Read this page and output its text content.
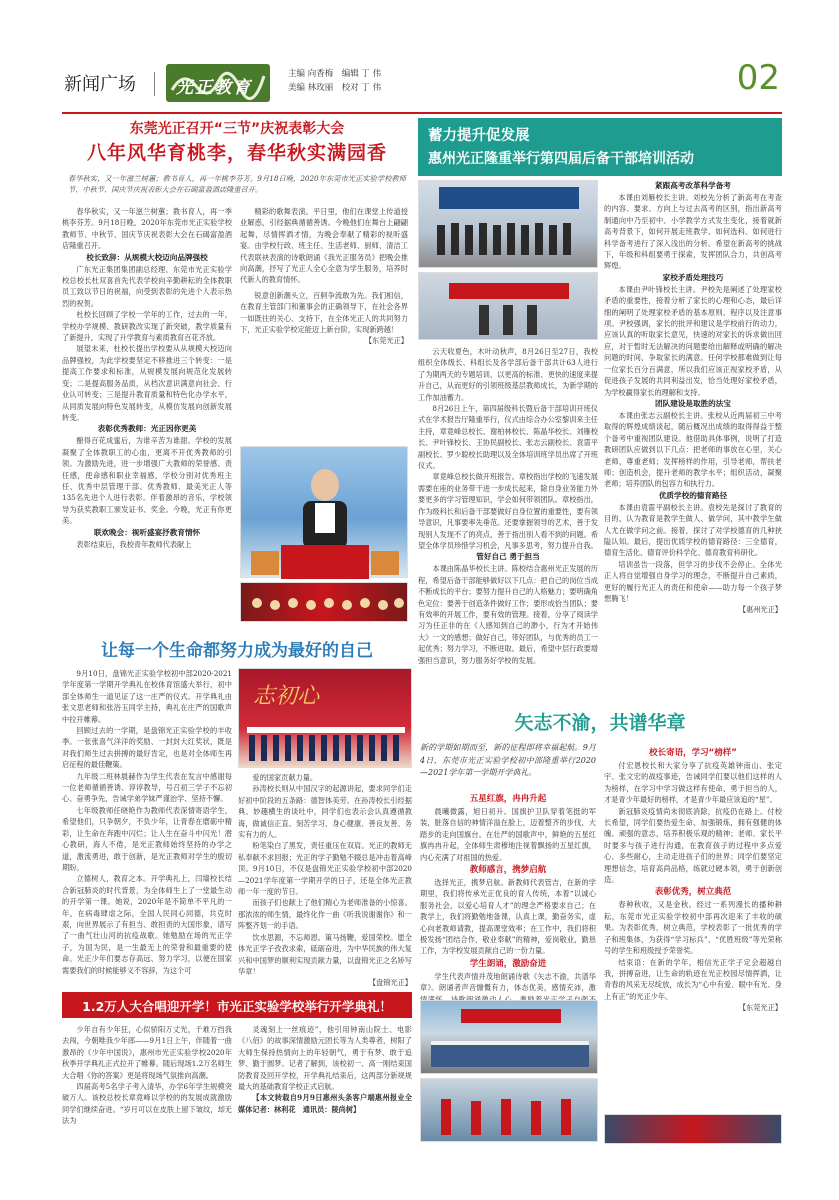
新闻广场 光正教育
主编 向香梅　编辑 丁 伟
美编 林玫丽　校对 丁 伟	02
东莞光正召开“三节”庆祝表彰大会
八年风华育桃李，春华秋实满园香
春华秋实，又一年滋兰树蕙；教书育人，再一年桃李芬芳。9月18日晚，2020年东莞市光正实验学校教师节、中秋节、国庆节庆祝表彰大会在石碣富盈酒店隆重召开。

春华秋实，又一年滋兰树蕙；教书育人，再一季桃李芬芳。9月18日晚，2020年东莞市光正实验学校教师节、中秋节、国庆节庆祝表彰大会在石碣富盈酒店隆重召开。

校长致辞：从规模大校迈向品牌强校

广东光正集团集团副总经理、东莞市光正实验学校总校长杜双喜首先代表学校向辛勤耕耘的全体教职员工致以节日的祝福，向受到表彰的先进个人表示热烈的祝贺。

杜校长回顾了学校一学年的工作，过去的一年，学校办学规模、教研教改实现了新突破，教学质量有了新提升，实现了升学教育与素质教育百花齐放。

展望未来，杜校长提出学校要从从规模大校迈向品牌强校，为此学校要坚定不移推进三个转变：一是提高工作要求和标准，从规模发展向规范化发展转变；二是提高服务品质，从档次意识满意向社会、行业认可转变；三是提升教育质量和特色化办学水平，从同质发展向特色发展转变，从模仿发展向创新发展转变。

表彰优秀教师：光正因你更美

酿得百花成蜜后，为谁辛苦为谁甜。学校的发展凝聚了全体教职工的心血，更离不开优秀教师的引领。为激励先进，进一步增强广大教师的荣誉感、责任感，使命感和职业幸福感，学校分别对优秀班主任、优秀中层管理干部、优秀教师、最美光正人等135名先进个人进行表彰。伴着激昂的音乐，学校领导为获奖教职工颁发证书、奖金。今晚，光正有你更美。

联欢晚会：视听盛宴抒教育情怀

表彰结束后，我校青年教师代表献上

精彩的歌舞表演。平日里，他们在课堂上传道授业解惑，引经据典循循善诱。今晚他们在舞台上翩翩起舞，尽情挥洒才情，为晚会奉献了精彩的视听盛宴。由学校行政、班主任、生活老师、厨师、清洁工代表联袂表演的诗歌朗诵《我光正服务员》把晚会推向高潮，抒写了光正人全心全意为学生服务，培养时代新人的教育情怀。

锐意创新潮头立，百舸争流敢为先。我们相信，在教育主管部门和董事会的正确领导下，在社会各界一如既往的关心、支持下，在全体光正人的共同努力下，光正实验学校定能迈上新台阶，实现新跨越！

【东莞光正】
蓄力提升促发展
惠州光正隆重举行第四届后备干部培训活动

云天收夏色，木叶动秋声，8月26日至27日，我校组织全体级长、科组长及各学部后备干部共计63人进行了为期两天的专题培训，以更高的标准、更快的速度来提升自己，从而更好的引领班级基层教师成长，为新学期的工作加油蓄力。

8月26日上午，第四届级科长暨后备干部培训开班仪式在学术报告厅隆重举行，仪式由综合办公室黎训来主任主持，章竟峰总校长、谢柏林校长、陈晶华校长、刘雁校长、尹叶锋校长、王协民副校长、张志云副校长、袁䨓平副校长、罗少聪校长助理以及全体培训班学员出席了开班仪式。

章竟峰总校长做开班报告。章校指出学校的飞速发展需要在座的业务带干进一步成长起来，除自身业务能力外要更多的学习管理知识，学会如何带领团队。章校指出，作为级科长和后备干部要做好自身位置的重要性，要有领导意识，凡事要率先垂范。还要掌握领导的艺术，善于发现别人发现不了的亮点，善于指出别人看不到的问题。希望全体学员珍惜学习机会，凡事多思考，努力提升自我。

管好自己 勇于担当

本课由陈晶华校长主讲。陈校结合惠州光正发展的历程，希望后备干部能够做好以下几点：把自己的岗位当成不断成长的平台；要努力提升自己的人格魅力；要明确角色定位：要善于创造条件做好工作；要形成恰当团队；要有效率的开展工作，要有效的管理。接着，分享了阅读学习为任正非的在《人感知到自己的渺小，行为才开始伟大》一文的感想；做好自己，带好团队，与优秀的员工一起优秀；努力学习，不断进取。最后，希望中层行政要增强担当意识，努力服务好学校的发展。

紧跟高考改革科学备考

本课由刘雁校长主讲。刘校先分析了新高考在考查的内容、要求、方向上与过去高考的区别，指出新高考制通向中乃至初中、小学教学方式发生变化，接着就新高考背景下，如何开展走班教学、如何选科、如何进行科学备考进行了深入浅出的分析。希望在新高考的挑战下，年级和科组要勇于探索，发挥团队合力，共创高考辉煌。

家校矛盾处理技巧

本课由尹叶锋校长主讲。尹校先是阐述了处理家校矛盾的重要性，接着分析了家长的心理和心态，最后详细的阐明了处理家校矛盾的基本原则、程序以及注意事项。尹校强调，家长的批评和建议是学校前行的动力，应该认真的听取家长意见，快速的对家长的诉求做出回应，对于暂时无法解决的问题要给出解释或明确的解决问题的时间，争取家长的满意。任何学校都难做到让每一位家长百分百满意，所以我们应该正视家校矛盾，从促进孩子发展的共同利益出发，恰当处理好家校矛盾，为学校赢得家长的理解和支持。

团队建设是取胜的法宝

本课由张志云副校长主讲。张校从近两届初三中考取得的辉煌成绩谈起，随后概况出成绩的取得得益于整个备考中重视团队建设。他借助具体事例，说明了打造教研团队应做到以下几点：把老师的事放在心里，关心老师，尊重老师；发挥榜样的作用，引导老师，帮扶老师；创造机会，提升老师的教学水平；组织活动，凝聚老师；培养团队的包容力和执行力。

优质学校的德育路径

本课由袁䨓平副校长主讲。袁校先是探讨了教育的目的，认为教育是教学生做人、做学问，其中教学生做人尤在做学问之前。接着，探讨了对学校德育的几种狭隘认知。最后，提出优质学校的德育路径：三全德育，德育生活化、德育评价科学化、德育教育科研化。

培训虽告一段落，但学习的步伐不会停止。全体光正人将自觉增强自身学习的理念，不断提升自己素质，更好的履行光正人的责任和使命——助力每一个孩子梦想腾飞！

【惠州光正】
让每一个生命都努力成为最好的自己
志初心

9月10日，盘锦光正实验学校初中部2020-2021学年度第一学期开学典礼在校体育馆盛大举行，初中部全体师生一道见证了这一庄严的仪式。开学典礼由张文思老师和张浴玉同学主持，典礼在庄严的国歌声中拉开帷幕。

回顾过去的一学期，是盘锦光正实验学校的丰收季。一张张喜气洋洋的奖励、一封封大红奖状，既是对我们师生过去拼搏的最好肯定，也是对全体师生再启征程的最佳鞭策。

九年级二班林晨赫作为学生代表在发言中感谢每一位老师循循善诱、谆谆教导，号召初三学子不忘初心、奋勇争先，告诫学弟学妹严谨治学、坚持不懈。

七年级教师任晓艳作为教师代表深情寄语学生，希望他们，只争朝夕，不负少年，让青春在磨砺中精彩，让生命在奔跑中闪烂；让人生在奋斗中闪光！潜心教研，海人不倦，是光正教师始终坚持的办学之道，激流勇进，敢于创新，是光正教师对学生的殷切期盼。

立德树人，教育之本。开学典礼上，闫墙校长结合新冠肺炎的时代背景，为全体师生上了一堂最生动的开学第一课。她说，2020年是不简单不平凡的一年，在病毒肆虐之际，全国人民同心同德，共克时艰，向世界展示了有担当、敢担责的大国形象，谱写了一曲气壮山河的抗疫战歌。她勉励在场的光正学子，为国为民，是一生最无上的荣誉和最重要的使命。光正少年们要志存高远、努力学习，以便在国家需要我们的时候能够义不容辞，为这个可

爱的国家贡献力量。

孙涛校长则从中国汉字的起源讲起，要求同学们走好初中阶段的五条路：德智体美劳。在孙涛校长引经据典、妙趣横生的谈吐中，同学们也表示会认真遵循教诲，做诚信正直、刻苦学习、身心健康、善良友善、务实有力的人。

粉笔染白了黑发，责任重压在双肩。光正的教师无私奉献不求回报；光正的学子勤勉不辍总是冲击着高峰顶。9月10日，不仅是盘锦光正实验学校初中部2020—2021学年度第一学期开学的日子，还是全体光正教师一年一度的节日。

而孩子们也献上了他们精心为老师准备的小惊喜。那浓浓的师生情，最终化作一曲《听我说谢谢你》和一阵整齐划一的手语。

饮水思源，不忘师恩。策马扬鞭，爱国荣校。愿全体光正学子孜孜求索，砥砺奋进，为中华民族的伟大复兴和中国梦的顺利实现贡献力量，以盘锦光正之名矫写华章！

【盘锦光正】
1.2万人大合唱迎开学！市光正实验学校举行开学典礼！

少年自有少年狂，心似骄阳万丈光，千难万挡我去闯，今朝唯我少年郎——9月1日上午，伴随着一曲激昂的《少年中国说》，惠州市光正实验学校2020年秋季开学典礼正式拉开了帷幕。随后现场1.2万名师生大合唱《你的答案》更是将现场气氛推向高潮。

四届高考5名学子考入清华，办学6年学生规模突破万人。该校总校长章竟峰以学校的的发展成就激励同学们继续奋进。“岁月可以在皮肤上留下皱纹，却无法为

灵魂刻上一丝痕迹”，他引用钟南山院士、电影《八佰》的故事深情激励元团长等为人类尊者，树阳了大师生保持热情向上的年轻朝气，勇于有梦、敢于追梦、勤于圆梦。记者了解到，该校初一、高一刚结束国防教育及回开学校，开学典礼结束后，这两部分新规规最大的基础教育学校正式启航。

【本文转载自9月9日惠州头条客户端惠州报业全媒体记者：林利花　通讯员：陵尚树】

矢志不渝，共谱华章
新的学期如期而至，新的征程即将幸福起航。9月4日，东莞市光正实验学校初中部隆重举行2020—2021学年第一学期开学典礼。
五星红旗，冉冉升起

晨曦微露，旭日初升。国旗护卫队穿着笔挺的军装，脏落自信的神情洋溢在脸上，迈着整齐的步伐，大踏步的走向国旗台。在壮严的国歌声中，鲜艳的五星红旗冉冉升起，全体师生肃穆地注视着飘扬的五星红旗，内心充满了对祖国的热爱。

教师感言，携梦启航

选择光正，携梦启航。新教师代表管吉，在新的学期里，我们将传承光正优良的育人传统，本着“以诚心服务社会，以爱心培育人才”的理念严格要求自己；在教学上，我们将勤勉地备课，认真上课，勤奋务实，虚心向老教师请教，提高课堂效率；在工作中，我们将积极发扬“团结合作，敬业奉献”的精神，爱岗敬业，勤恳工作，为学校发展贡献自己的一份力量。

学生朗诵，激励奋进

学生代表声情并茂地朗诵诗歌《矢志不渝，共谱华章》。朗诵者声音慷慨有力，体态优美，感情充沛，激

校长寄语，学习“榜样”

付宏恩校长和大家分享了抗疫英雄钟南山、张定宇、张文宏的战疫事迹，告诫同学们要以他们这样的人为榜样，在学习中学习做这样有使命、勇于担当的人，才是青少年最好的榜样，才是青少年最应该追的“星”。

新冠肺炎疫情尚未彻底消除，抗疫仍在路上。付校长希望，同学们要热爱生命、加强锻炼，拥有强健的体魄、顽强的意志，培养积极乐观的精神；老师、家长平时要多与孩子进行沟通，在教育孩子的过程中多点爱心、多些耐心，主动走进孩子们的世界；同学们要坚定理想信念，培育高尚品格，练就过硬本领，勇于创新创造。

表彰优秀，树立典范

春种秋收，又是金秋。经过一系列漫长的播种耕耘，东莞市光正实验学校初中部再次迎来了丰收的硕果。为表彰优秀，树立典范，学校表彰了一批优秀的学子和班集体，为获得“学习标兵”、“优胜班级”等光荣称号的学生和班级授予荣誉奖。

结束语：在新的学年，相信光正学子定会超越自我，拼搏奋进，让生命的轨迹在光正校园尽情挥洒，让青春的风采无尽绽放，成长为“心中有爱、眼中有光、身上有正”的光正少年。

【东莞光正】
